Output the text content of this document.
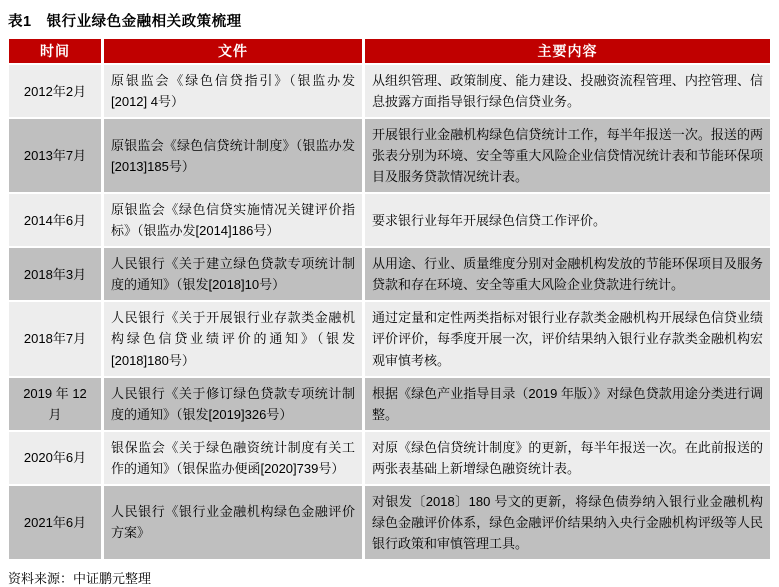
表1　银行业绿色金融相关政策梳理
时间	文件	主要内容
2012年2月	原银监会《绿色信贷指引》（银监办发[2012] 4号）	从组织管理、政策制度、能力建设、投融资流程管理、内控管理、信息披露方面指导银行绿色信贷业务。
2013年7月	原银监会《绿色信贷统计制度》（银监办发[2013]185号）	开展银行业金融机构绿色信贷统计工作，每半年报送一次。报送的两张表分别为环境、安全等重大风险企业信贷情况统计表和节能环保项目及服务贷款情况统计表。
2014年6月	原银监会《绿色信贷实施情况关键评价指标》（银监办发[2014]186号）	要求银行业每年开展绿色信贷工作评价。
2018年3月	人民银行《关于建立绿色贷款专项统计制度的通知》（银发[2018]10号）	从用途、行业、质量维度分别对金融机构发放的节能环保项目及服务贷款和存在环境、安全等重大风险企业贷款进行统计。
2018年7月	人民银行《关于开展银行业存款类金融机构绿色信贷业绩评价的通知》（银发[2018]180号）	通过定量和定性两类指标对银行业存款类金融机构开展绿色信贷业绩评价评价，每季度开展一次，评价结果纳入银行业存款类金融机构宏观审慎考核。
2019 年 12 月	人民银行《关于修订绿色贷款专项统计制度的通知》（银发[2019]326号）	根据《绿色产业指导目录（2019 年版）》对绿色贷款用途分类进行调整。
2020年6月	银保监会《关于绿色融资统计制度有关工作的通知》（银保监办便函[2020]739号）	对原《绿色信贷统计制度》的更新，每半年报送一次。在此前报送的两张表基础上新增绿色融资统计表。
2021年6月	人民银行《银行业金融机构绿色金融评价方案》	对银发〔2018〕180 号文的更新，将绿色债券纳入银行业金融机构绿色金融评价体系，绿色金融评价结果纳入央行金融机构评级等人民银行政策和审慎管理工具。
资料来源：中证鹏元整理
